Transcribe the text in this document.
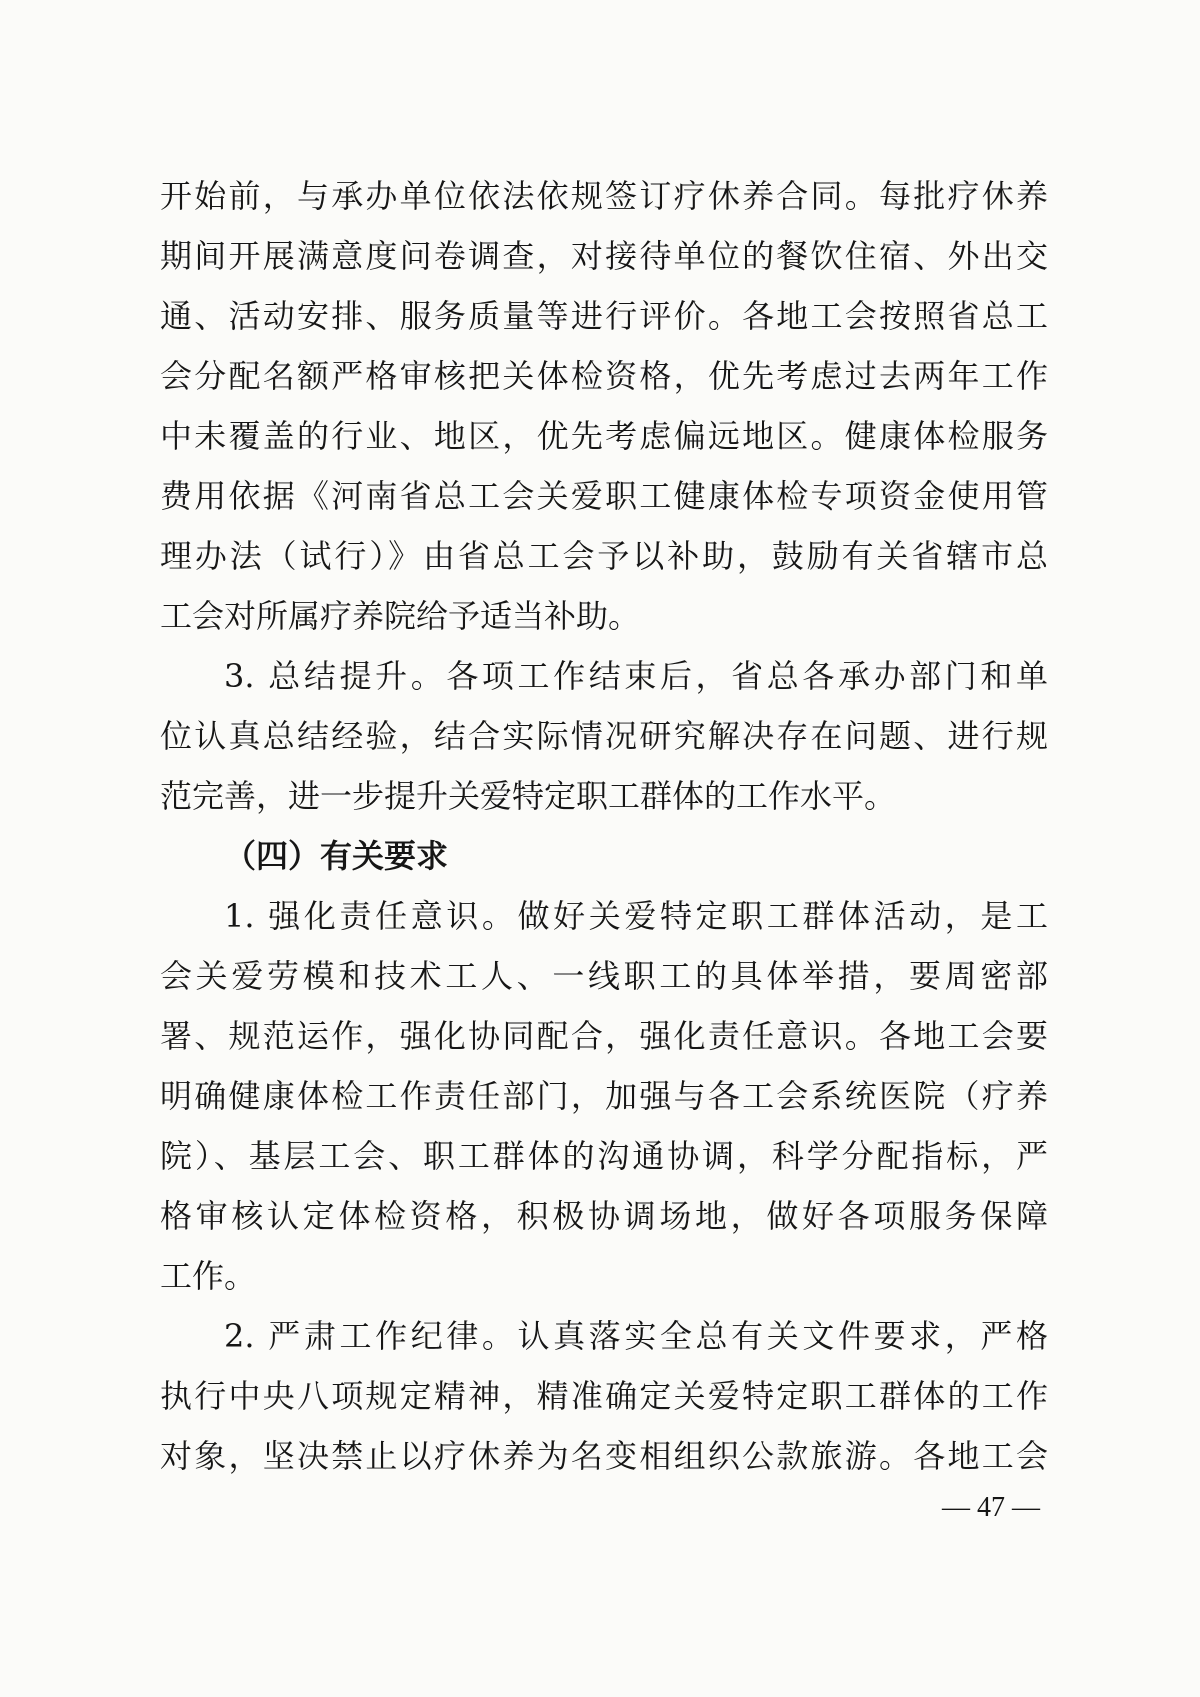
开始前，与承办单位依法依规签订疗休养合同。每批疗休养
期间开展满意度问卷调查，对接待单位的餐饮住宿、外出交
通、活动安排、服务质量等进行评价。各地工会按照省总工
会分配名额严格审核把关体检资格，优先考虑过去两年工作
中未覆盖的行业、地区，优先考虑偏远地区。健康体检服务
费用依据《河南省总工会关爱职工健康体检专项资金使用管
理办法（试行）》由省总工会予以补助，鼓励有关省辖市总
工会对所属疗养院给予适当补助。
3. 总结提升。各项工作结束后，省总各承办部门和单
位认真总结经验，结合实际情况研究解决存在问题、进行规
范完善，进一步提升关爱特定职工群体的工作水平。
（四）有关要求
1. 强化责任意识。做好关爱特定职工群体活动，是工
会关爱劳模和技术工人、一线职工的具体举措，要周密部
署、规范运作，强化协同配合，强化责任意识。各地工会要
明确健康体检工作责任部门，加强与各工会系统医院（疗养
院）、基层工会、职工群体的沟通协调，科学分配指标，严
格审核认定体检资格，积极协调场地，做好各项服务保障
工作。
2. 严肃工作纪律。认真落实全总有关文件要求，严格
执行中央八项规定精神，精准确定关爱特定职工群体的工作
对象，坚决禁止以疗休养为名变相组织公款旅游。各地工会
— 47 —
